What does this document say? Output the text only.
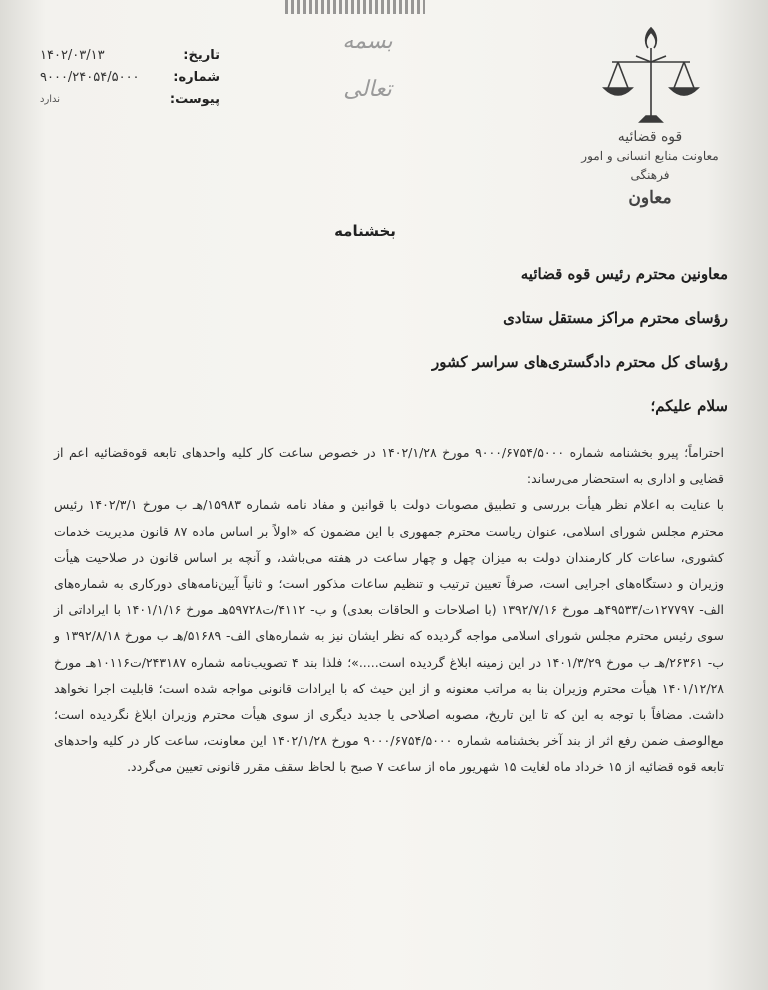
بسمه تعالی
تاریخ:
۱۴۰۲/۰۳/۱۳
شماره:
۹۰۰۰/۲۴۰۵۴/۵۰۰۰
پیوست:
ندارد
قوه قضائیه
معاونت منابع انسانی و امور فرهنگی
معاون
بخشنامه
معاونین محترم رئیس قوه قضائیه
رؤسای محترم مراکز مستقل ستادی
رؤسای کل محترم دادگستری‌های سراسر کشور
سلام علیکم؛

احتراماً؛ پیرو بخشنامه شماره ۹۰۰۰/۶۷۵۴/۵۰۰۰ مورخ ۱۴۰۲/۱/۲۸ در خصوص ساعت کار کلیه واحدهای تابعه قوه‌قضائیه اعم از قضایی و اداری به استحضار می‌رساند:

با عنایت به اعلام نظر هیأت بررسی و تطبیق مصوبات دولت با قوانین و مفاد نامه شماره ۱۵۹۸۳/هـ ب مورخ ۱۴۰۲/۳/۱ رئیس محترم مجلس شورای اسلامی، عنوان ریاست محترم جمهوری با این مضمون که «اولاً بر اساس ماده ۸۷ قانون مدیریت خدمات کشوری، ساعات کار کارمندان دولت به میزان چهل و چهار ساعت در هفته می‌باشد، و آنچه بر اساس قانون در صلاحیت هیأت وزیران و دستگاه‌های اجرایی است، صرفاً تعیین ترتیب و تنظیم ساعات مذکور است؛ و ثانیاً آیین‌نامه‌های دورکاری به شماره‌های الف- ۱۲۷۷۹۷ت/۴۹۵۳۳هـ مورخ ۱۳۹۲/۷/۱۶ (با اصلاحات و الحاقات بعدی) و ب- ۴۱۱۲/ت۵۹۷۲۸هـ مورخ ۱۴۰۱/۱/۱۶ با ایراداتی از سوی رئیس محترم مجلس شورای اسلامی مواجه گردیده که نظر ایشان نیز به شماره‌های الف- ۵۱۶۸۹/هـ ب مورخ ۱۳۹۲/۸/۱۸ و ب- ۲۶۳۶۱/هـ ب مورخ ۱۴۰۱/۳/۲۹ در این زمینه ابلاغ گردیده است.....»؛ فلذا بند ۴ تصویب‌نامه شماره ۲۴۳۱۸۷/ت۱۰۱۱۶هـ مورخ ۱۴۰۱/۱۲/۲۸ هیأت محترم وزیران بنا به مراتب معنونه و از این حیث که با ایرادات قانونی مواجه شده است؛ قابلیت اجرا نخواهد داشت. مضافاً با توجه به این که تا این تاریخ، مصوبه اصلاحی یا جدید دیگری از سوی هیأت محترم وزیران ابلاغ نگردیده است؛ مع‌الوصف ضمن رفع اثر از بند آخر بخشنامه شماره ۹۰۰۰/۶۷۵۴/۵۰۰۰ مورخ ۱۴۰۲/۱/۲۸ این معاونت، ساعت کار در کلیه واحدهای تابعه قوه قضائیه از ۱۵ خرداد ماه لغایت ۱۵ شهریور ماه از ساعت ۷ صبح با لحاظ سقف مقرر قانونی تعیین می‌گردد.
